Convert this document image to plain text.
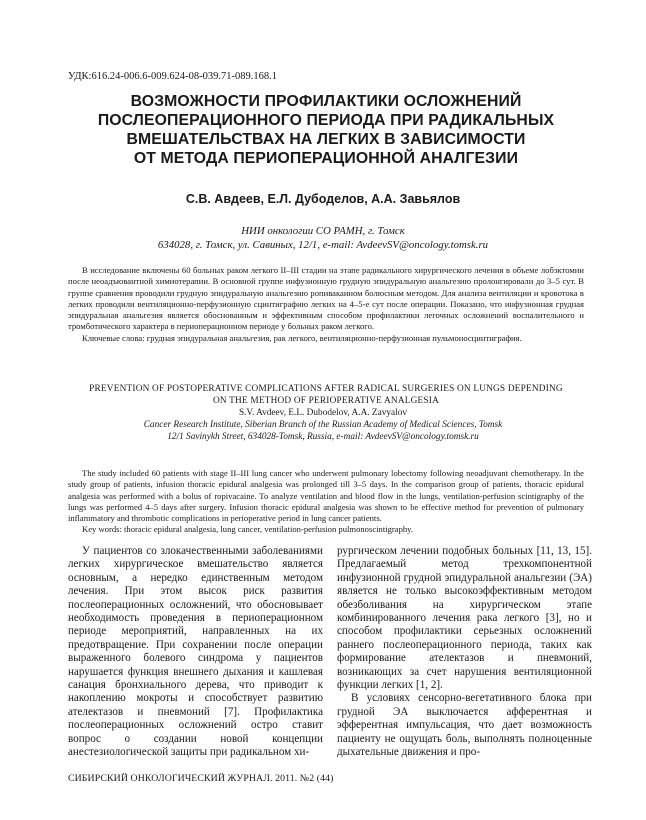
УДК:616.24-006.6-009.624-08-039.71-089.168.1
ВОЗМОЖНОСТИ ПРОФИЛАКТИКИ ОСЛОЖНЕНИЙ
ПОСЛЕОПЕРАЦИОННОГО ПЕРИОДА ПРИ РАДИКАЛЬНЫХ
ВМЕШАТЕЛЬСТВАХ НА ЛЕГКИХ В ЗАВИСИМОСТИ
ОТ МЕТОДА ПЕРИОПЕРАЦИОННОЙ АНАЛГЕЗИИ
С.В. Авдеев, Е.Л. Дубоделов, А.А. Завьялов
НИИ онкологии СО РАМН, г. Томск
634028, г. Томск, ул. Савиных, 12/1, e-mail: AvdeevSV@oncology.tomsk.ru

В исследование включены 60 больных раком легкого II–III стадии на этапе радикального хирургического лечения в объеме лобэктомии после неоадъювантной химиотерапии. В основной группе инфузионную грудную эпидуральную анальгезию пролонгировали до 3–5 сут. В группе сравнения проводили грудную эпидуральную анальгезию ропивакаином болюсным методом. Для анализа вентиляции и кровотока в легких проводили вентиляционно-перфузионную сцинтиграфию легких на 4–5-е сут после операции. Показано, что инфузионная грудная эпидуральная анальгезия является обоснованным и эффективным способом профилактики легочных осложнений воспалительного и тромботического характера в периоперационном периоде у больных раком легкого.

Ключевые слова: грудная эпидуральная анальгезия, рак легкого, вентиляционно-перфузионная пульмоносцинтиграфия.

PREVENTION OF POSTOPERATIVE COMPLICATIONS AFTER RADICAL SURGERIES ON LUNGS DEPENDING
ON THE METHOD OF PERIOPERATIVE ANALGESIA
S.V. Avdeev, E.L. Dubodelov, A.A. Zavyalov
Cancer Research Institute, Siberian Branch of the Russian Academy of Medical Sciences, Tomsk
12/1 Savinykh Street, 634028-Tomsk, Russia, e-mail: AvdeevSV@oncology.tomsk.ru

The study included 60 patients with stage II–III lung cancer who underwent pulmonary lobectomy following neoadjuvant chemotherapy. In the study group of patients, infusion thoracic epidural analgesia was prolonged till 3–5 days. In the comparison group of patients, thoracic epidural analgesia was performed with a bolus of ropivacaine. To analyze ventilation and blood flow in the lungs, ventilation-perfusion scintigraphy of the lungs was performed 4–5 days after surgery. Infusion thoracic epidural analgesia was shown to be effective method for prevention of pulmonary inflammatory and thrombotic complications in perioperative period in lung cancer patients.

Key words: thoracic epidural analgesia, lung cancer, ventilation-perfusion pulmonoscintigraphy.

У пациентов со злокачественными заболеваниями легких хирургическое вмешательство является основным, а нередко единственным методом лечения. При этом высок риск развития послеоперационных осложнений, что обосновывает необходимость проведения в периоперационном периоде мероприятий, направленных на их предотвращение. При сохранении после операции выраженного болевого синдрома у пациентов нарушается функция внешнего дыхания и кашлевая санация бронхиального дерева, что приводит к накоплению мокроты и способствует развитию ателектазов и пневмоний [7]. Профилактика послеоперационных осложнений остро ставит вопрос о создании новой концепции анестезиологической защиты при радикальном хи-

рургическом лечении подобных больных [11, 13, 15]. Предлагаемый метод трехкомпонентной инфузионной грудной эпидуральной анальгезии (ЭА) является не только высокоэффективным методом обезболивания на хирургическом этапе комбинированного лечения рака легкого [3], но и способом профилактики серьезных осложнений раннего послеоперационного периода, таких как формирование ателектазов и пневмоний, возникающих за счет нарушения вентиляционной функции легких [1, 2].

В условиях сенсорно-вегетативного блока при грудной ЭА выключается афферентная и эфферентная импульсация, что дает возможность пациенту не ощущать боль, выполнять полноценные дыхательные движения и про-

СИБИРСКИЙ ОНКОЛОГИЧЕСКИЙ ЖУРНАЛ. 2011. №2 (44)
